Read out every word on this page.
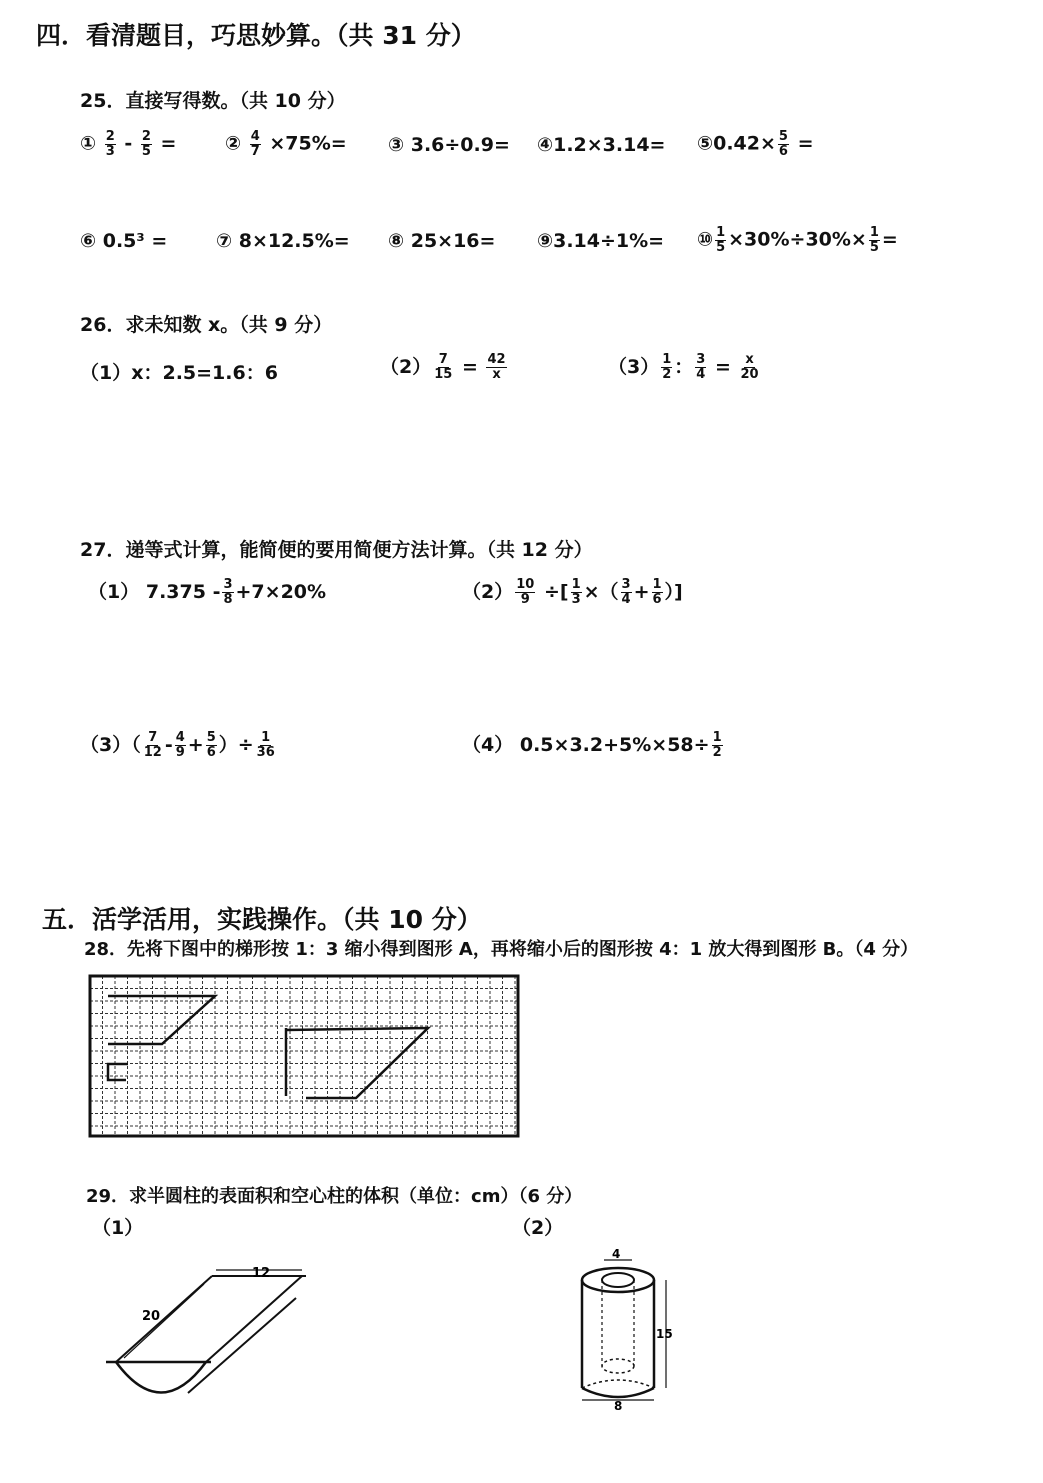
四．看清题目，巧思妙算。（共 31 分）
25．直接写得数。（共 10 分）
① $\frac{2}{3} - \frac{2}{5}$ =	② $\frac{4}{7} \times 75\%=$ ③ 3.6÷0.9= ④1.2×3.14= ⑤0.42× $\frac{5}{6}$ =
⑥ 0.5³ =	⑦ 8×12.5%= ⑧ 25×16= ⑨3.14÷1%= ⑩ $\frac{1}{5} \times 30\%\div 30\%\times \frac{1}{5}$ =
26．求未知数 x。（共 9 分）
（1）x：2.5=1.6：6	$(2) \frac{7}{15} = \frac{42}{x}$	$(3) \frac{1}{2}$ ： $\frac{3}{4} = \frac{x}{20}$
27．递等式计算，能简便的要用简便方法计算。（共 12 分）
（1） $7.375 - \frac{3}{8} +7\times 20\%$	$(2) \frac{10}{9}$ ÷[ $\frac{1}{3}$ ×（ $\frac{3}{4} + \frac{1}{6}$ ）]
$(3)( \frac{7}{12} - \frac{4}{9} + \frac{5}{6}$ ）÷ $\frac{1}{36}$	（4） $0.5\times 3.2+5\%\times 58\div \frac{1}{2}$
五．活学活用，实践操作。（共 10 分）
28．先将下图中的梯形按 1：3 缩小得到图形 A，再将缩小后的图形按 4：1 放大得到图形 B。（4 分）
29．求半圆柱的表面积和空心柱的体积（单位：cm）（6 分）
（1）	（2）
20
12
4
15
8
